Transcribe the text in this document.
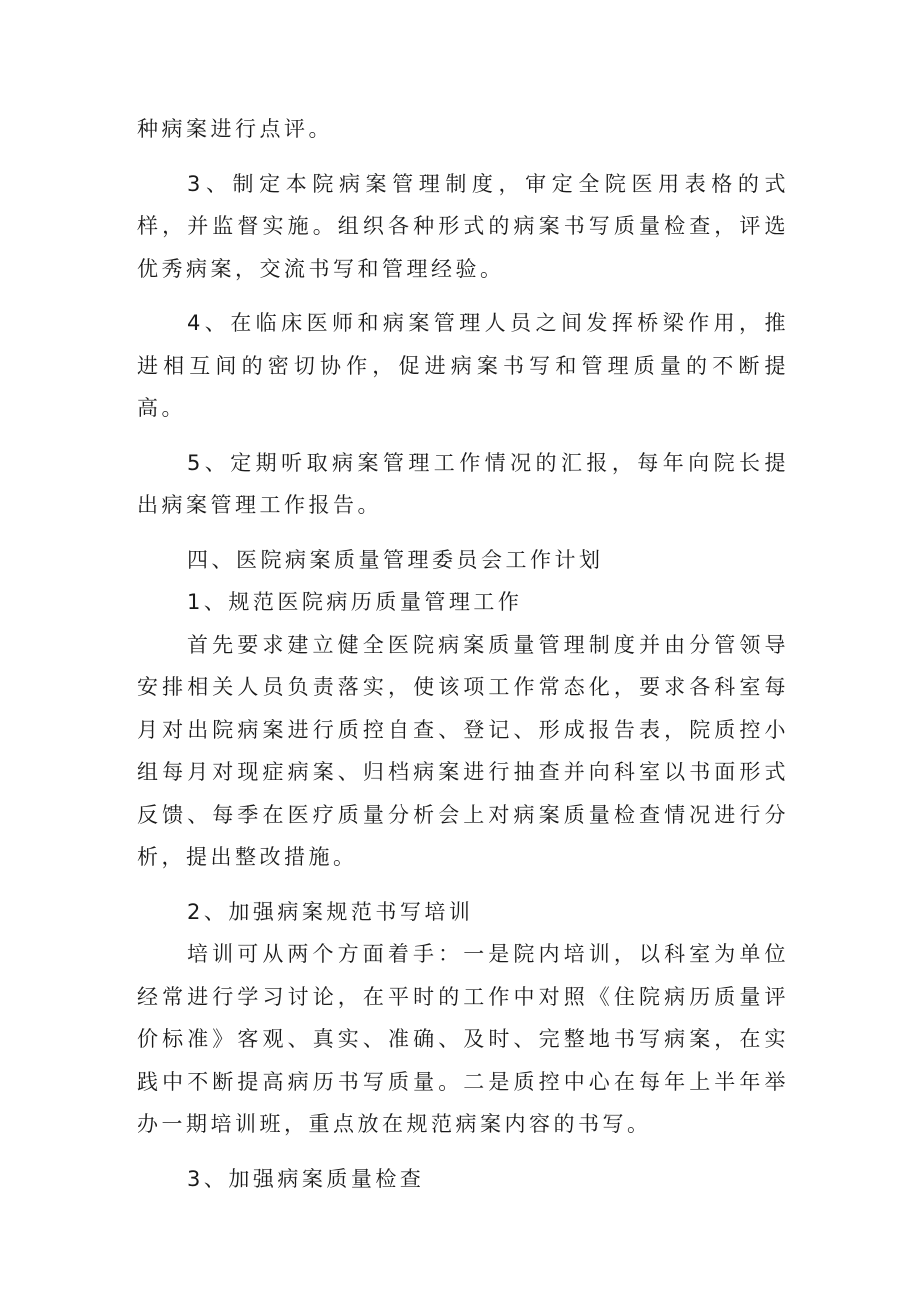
种病案进行点评。

3、制定本院病案管理制度，审定全院医用表格的式样，并监督实施。组织各种形式的病案书写质量检查，评选优秀病案，交流书写和管理经验。

4、在临床医师和病案管理人员之间发挥桥梁作用，推进相互间的密切协作，促进病案书写和管理质量的不断提高。

5、定期听取病案管理工作情况的汇报，每年向院长提出病案管理工作报告。

四、医院病案质量管理委员会工作计划

1、规范医院病历质量管理工作

首先要求建立健全医院病案质量管理制度并由分管领导安排相关人员负责落实，使该项工作常态化，要求各科室每月对出院病案进行质控自查、登记、形成报告表，院质控小组每月对现症病案、归档病案进行抽查并向科室以书面形式反馈、每季在医疗质量分析会上对病案质量检查情况进行分析，提出整改措施。

2、加强病案规范书写培训

培训可从两个方面着手：一是院内培训，以科室为单位经常进行学习讨论，在平时的工作中对照《住院病历质量评价标准》客观、真实、准确、及时、完整地书写病案，在实践中不断提高病历书写质量。二是质控中心在每年上半年举办一期培训班，重点放在规范病案内容的书写。

3、加强病案质量检查
